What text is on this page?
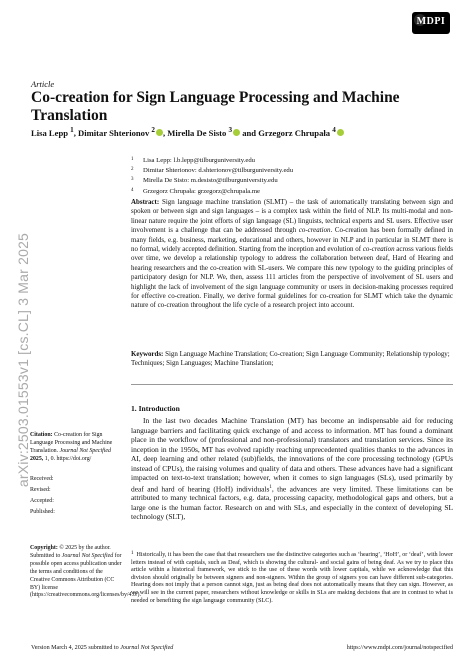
MDPI
Article
Co-creation for Sign Language Processing and Machine Translation
Lisa Lepp $^1$, Dimitar Shterionov $^2$ , Mirella De Sisto $^3$ and Grzegorz Chrupała $^4$
1 Lisa Lepp: l.b.lepp@tilburguniversity.edu
2 Dimitar Shterionov: d.shterionov@tilburguniversity.edu
3 Mirella De Sisto: m.desisto@tilburguniversity.edu
4 Grzegorz Chrupała: grzegorz@chrupala.me
arXiv:2503.01553v1 [cs.CL] 3 Mar 2025
Abstract: Sign language machine translation (SLMT) – the task of automatically translating between sign and spoken or between sign and sign languages – is a complex task within the field of NLP. Its multi-modal and non-linear nature require the joint efforts of sign language (SL) linguists, technical experts and SL users. Effective user involvement is a challenge that can be addressed through co-creation. Co-creation has been formally defined in many fields, e.g. business, marketing, educational and others, however in NLP and in particular in SLMT there is no formal, widely accepted definition. Starting from the inception and evolution of co-creation across various fields over time, we develop a relationship typology to address the collaboration between deaf, Hard of Hearing and hearing researchers and the co-creation with SL-users. We compare this new typology to the guiding principles of participatory design for NLP. We, then, assess 111 articles from the perspective of involvement of SL users and highlight the lack of involvement of the sign language community or users in decision-making processes required for effective co-creation. Finally, we derive formal guidelines for co-creation for SLMT which take the dynamic nature of co-creation throughout the life cycle of a research project into account.
Keywords: Sign Language Machine Translation; Co-creation; Sign Language Community; Relationship typology; Techniques; Sign Languages; Machine Translation;
1. Introduction

In the last two decades Machine Translation (MT) has become an indispensable aid for reducing language barriers and facilitating quick exchange of and access to information. MT has found a dominant place in the workflow of (professional and non-professional) translators and translation services. Since its inception in the 1950s, MT has evolved rapidly reaching unprecedented qualities thanks to the advances in AI, deep learning and other related (sub)fields, the innovations of the core processing technology (GPUs instead of CPUs), the raising volumes and quality of data and others. These advances have had a significant impacted on text-to-text translation; however, when it comes to sign languages (SLs), used primarily by deaf and hard of hearing (HoH) individuals$^1$, the advances are very limited. These limitations can be attributed to many technical factors, e.g. data, processing capacity, methodological gaps and others, but a large one is the human factor. Research on and with SLs, and especially in the context of developing SL technology (SLT),

Citation: Co-creation for Sign Language Processing and Machine Translation. Journal Not Specified 2025, 1, 0. https://doi.org/
Received:
Revised:
Accepted:
Published:
Copyright: © 2025 by the author. Submitted to Journal Not Specified for possible open access publication under the terms and conditions of the Creative Commons Attribution (CC BY) license (https://creativecommons.org/licenses/by/4.0/).
$^1$ Historically, it has been the case that that researchers use the distinctive categories such as ‘hearing’, ‘HoH’, or ‘deaf’, with lower letters instead of with capitals, such as Deaf, which is showing the cultural- and social gains of being deaf. As we try to place this article within a historical framework, we stick to the use of these words with lower capitals, while we acknowledge that this division should originally be between signers and non-signers. Within the group of signers you can have different sub-categories. Hearing does not imply that a person cannot sign, just as being deaf does not automatically means that they can sign. However, as we will see in the current paper, researchers without knowledge or skills in SLs are making decisions that are in contrast to what is needed or benefiting the sign language community (SLC).
Version March 4, 2025 submitted to Journal Not Specified	https://www.mdpi.com/journal/notspecified
